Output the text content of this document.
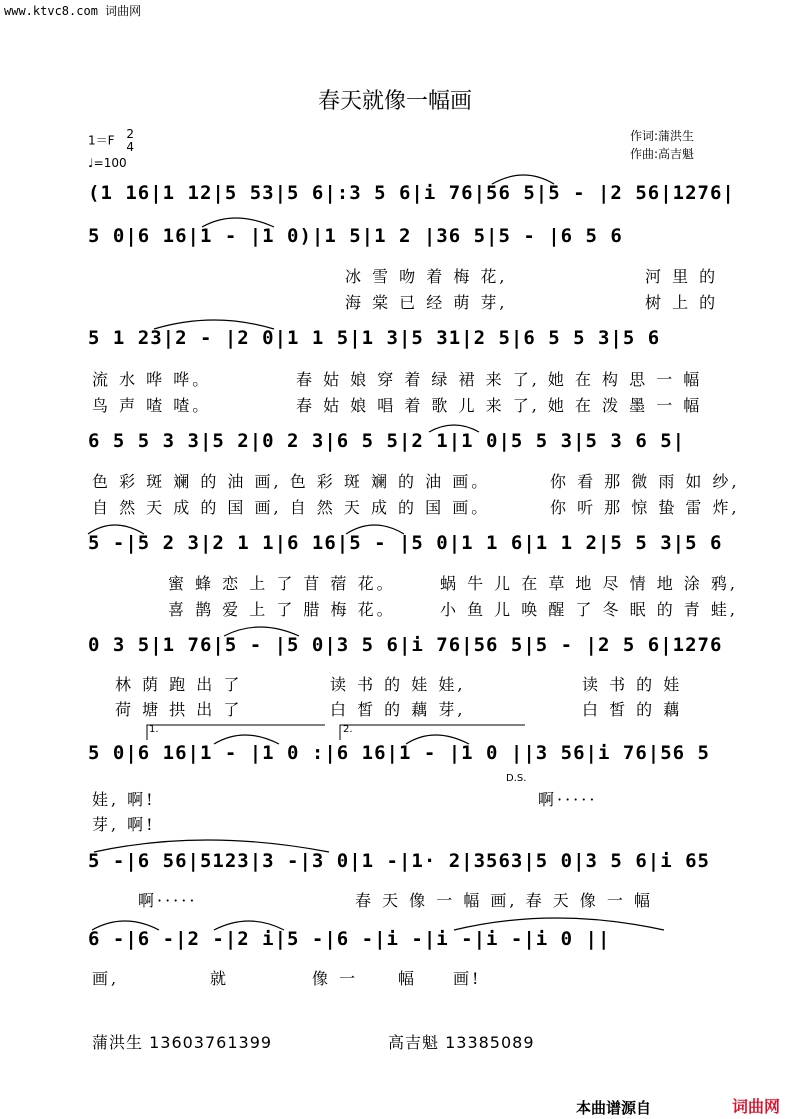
www.ktvc8.com 词曲网
春天就像一幅画
1＝F 2
4
♩=100
作词:蒲洪生
作曲:高吉魁
(1 16|1 12|5 53|5 6|:3 5 6|i 76|56 5|5 - |2 56|1276|
5 0|6 16|1 - |1 0)|1 5|1 2 |36 5|5 - |6 5 6
冰 雪 吻 着 梅 花,	河 里 的
海 棠 已 经 萌 芽,	树 上 的
5 1 23|2 - |2 0|1 1 5|1 3|5 31|2 5|6 5 5 3|5 6
流 水 哗 哗。	春 姑 娘 穿 着 绿 裙 来 了, 她 在 构 思 一 幅
鸟 声 喳 喳。	春 姑 娘 唱 着 歌 儿 来 了, 她 在 泼 墨 一 幅
6 5 5 3 3|5 2|0 2 3|6 5 5|2 1|1 0|5 5 3|5 3 6 5|
色 彩 斑 斓 的 油 画, 色 彩 斑 斓 的 油 画。	你 看 那 微 雨 如 纱,
自 然 天 成 的 国 画, 自 然 天 成 的 国 画。	你 听 那 惊 蛰 雷 炸,
5 -|5 2 3|2 1 1|6 16|5 - |5 0|1 1 6|1 1 2|5 5 3|5 6
蜜 蜂 恋 上 了 苜 蓿 花。	蜗 牛 儿 在 草 地 尽 情 地 涂 鸦,
喜 鹊 爱 上 了 腊 梅 花。	小 鱼 儿 唤 醒 了 冬 眠 的 青 蛙,
0 3 5|1 76|5 - |5 0|3 5 6|i 76|56 5|5 - |2 5 6|1276
林 荫 跑 出 了	读 书 的 娃 娃,	读 书 的 娃
荷 塘 拱 出 了	白 皙 的 藕 芽,	白 皙 的 藕
1.	2.
5 0|6 16|1 - |1 0 :|6 16|1 - |1 0 ||3 56|i 76|56 5
D.S.
娃, 啊!	啊·····
芽, 啊!
5 -|6 56|5123|3 -|3 0|1 -|1· 2|3563|5 0|3 5 6|i 65
啊·····	春 天 像 一 幅 画, 春 天 像 一 幅
6 -|6 -|2 -|2 i|5 -|6 -|i -|i -|i -|i 0 ||
画,	就	像 一 幅 画!
蒲洪生 13603761399	高吉魁 13385089
本曲谱源自	词曲网
